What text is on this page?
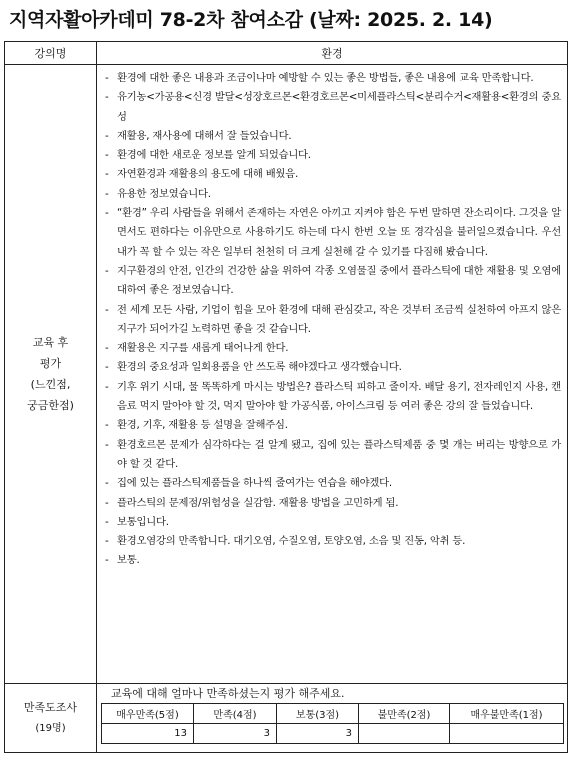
지역자활아카데미 78-2차 참여소감 (날짜: 2025. 2. 14)
강의명	환경

교육 후
평가
(느낀점,
궁금한점)

- 환경에 대한 좋은 내용과 조금이나마 예방할 수 있는 좋은 방법들, 좋은 내용에 교육 만족합니다.
- 유기농<가공용<신경 발달<성장호르몬<환경호르몬<미세플라스틱<분리수거<재활용<환경의 중요성
- 재활용, 재사용에 대해서 잘 들었습니다.
- 환경에 대한 새로운 정보를 알게 되었습니다.
- 자연환경과 재활용의 용도에 대해 배웠음.
- 유용한 정보였습니다.
- “환경” 우리 사람들을 위해서 존재하는 자연은 아끼고 지켜야 함은 두번 말하면 잔소리이다. 그것을 알면서도 편하다는 이유만으로 사용하기도 하는데 다시 한번 오늘 또 경각심을 불러일으켰습니다. 우선 내가 꼭 할 수 있는 작은 일부터 천천히 더 크게 실천해 갈 수 있기를 다짐해 봤습니다.
- 지구환경의 안전, 인간의 건강한 삶을 위하여 각종 오염물질 중에서 플라스틱에 대한 재활용 및 오염에 대하여 좋은 정보였습니다.
- 전 세계 모든 사람, 기업이 힘을 모아 환경에 대해 관심갖고, 작은 것부터 조금씩 실천하여 아프지 않은 지구가 되어가길 노력하면 좋을 것 같습니다.
- 재활용은 지구를 새롭게 태어나게 한다.
- 환경의 중요성과 일회용품을 안 쓰도록 해야겠다고 생각했습니다.
- 기후 위기 시대, 물 똑똑하게 마시는 방법은? 플라스틱 피하고 줄이자. 배달 용기, 전자레인지 사용, 캔 음료 먹지 말아야 할 것, 먹지 말아야 할 가공식품, 아이스크림 등 여러 좋은 강의 잘 들었습니다.
- 환경, 기후, 재활용 등 설명을 잘해주심.
- 환경호르몬 문제가 심각하다는 걸 알게 됐고, 집에 있는 플라스틱제품 중 몇 개는 버리는 방향으로 가야 할 것 같다.
- 집에 있는 플라스틱제품들을 하나씩 줄여가는 연습을 해야겠다.
- 플라스틱의 문제점/위험성을 실감함. 재활용 방법을 고민하게 됨.
- 보통입니다.
- 환경오염강의 만족합니다. 대기오염, 수질오염, 토양오염, 소음 및 진동, 악취 등.
- 보통.

만족도조사
(19명)

교육에 대해 얼마나 만족하셨는지 평가 해주세요.
매우만족(5점)	만족(4점)	보통(3점)	불만족(2점)	매우불만족(1점)
13	3	3		
